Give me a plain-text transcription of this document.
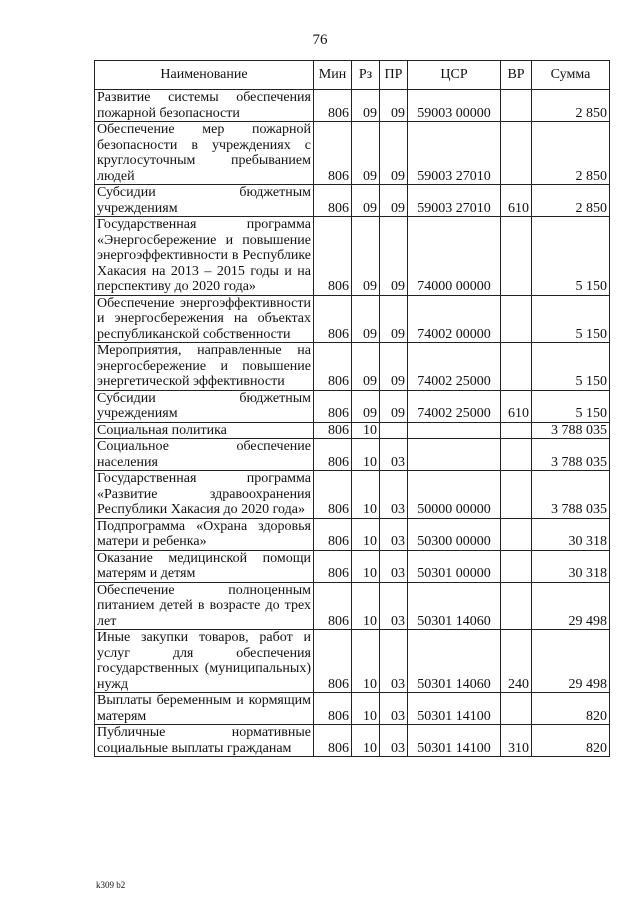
76
Наименование	Мин	Рз	ПР	ЦСР	ВР	Сумма
Развитие системы обеспечения пожарной безопасности	806	09	09	59003 00000		2 850
Обеспечение мер пожарной безопасности в учреждениях с круглосуточным пребыванием людей	806	09	09	59003 27010		2 850
Субсидии бюджетным учреждениям	806	09	09	59003 27010	610	2 850
Государственная программа «Энергосбережение и повышение энергоэффективности в Республике Хакасия на 2013 – 2015 годы и на перспективу до 2020 года»	806	09	09	74000 00000		5 150
Обеспечение энергоэффективности и энергосбережения на объектах республиканской собственности	806	09	09	74002 00000		5 150
Мероприятия, направленные на энергосбережение и повышение энергетической эффективности	806	09	09	74002 25000		5 150
Субсидии бюджетным учреждениям	806	09	09	74002 25000	610	5 150
Социальная политика	806	10				3 788 035
Социальное обеспечение населения	806	10	03			3 788 035
Государственная программа «Развитие здравоохранения Республики Хакасия до 2020 года»	806	10	03	50000 00000		3 788 035
Подпрограмма «Охрана здоровья матери и ребенка»	806	10	03	50300 00000		30 318
Оказание медицинской помощи матерям и детям	806	10	03	50301 00000		30 318
Обеспечение полноценным питанием детей в возрасте до трех лет	806	10	03	50301 14060		29 498
Иные закупки товаров, работ и услуг для обеспечения государственных (муниципальных) нужд	806	10	03	50301 14060	240	29 498
Выплаты беременным и кормящим матерям	806	10	03	50301 14100		820
Публичные нормативные социальные выплаты гражданам	806	10	03	50301 14100	310	820
k309 b2
